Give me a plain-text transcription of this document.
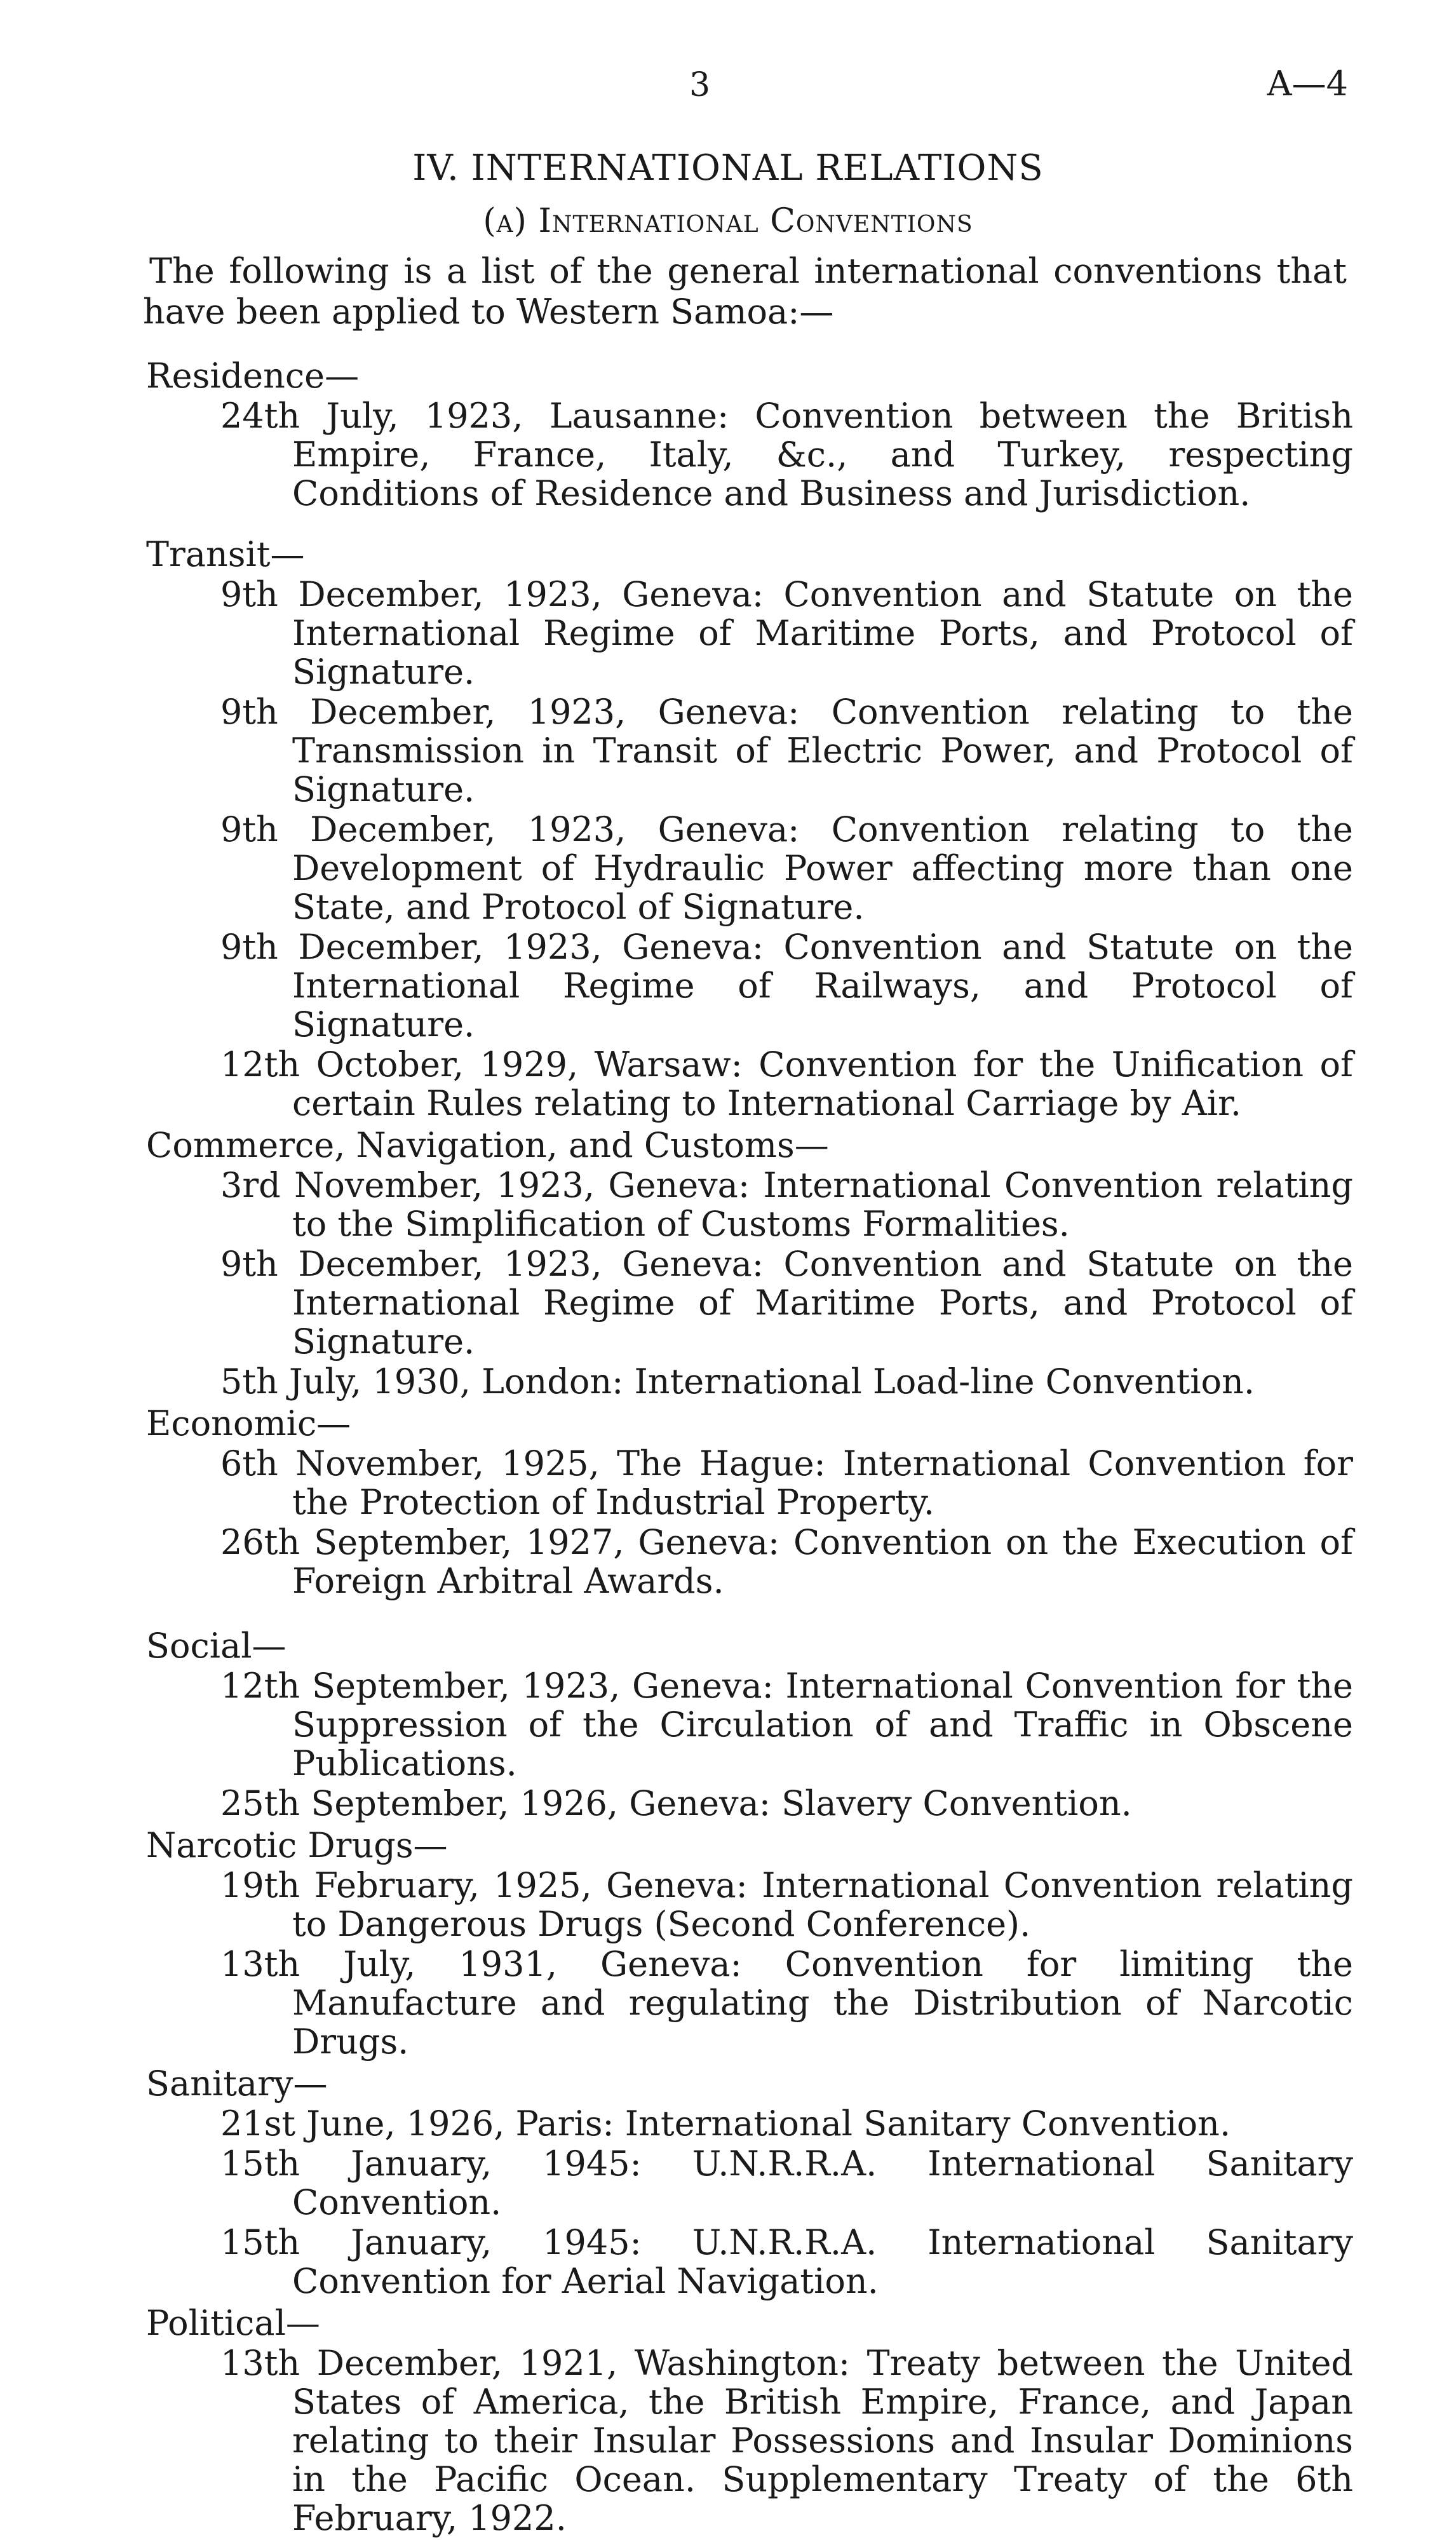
3	A—4
IV. INTERNATIONAL RELATIONS
(a) International Conventions

The following is a list of the general international conventions that have been applied to Western Samoa:—

Residence—

24th July, 1923, Lausanne: Convention between the British Empire, France, Italy, &c., and Turkey, respecting Conditions of Residence and Business and Jurisdiction.

Transit—

9th December, 1923, Geneva: Convention and Statute on the International Regime of Maritime Ports, and Protocol of Signature.

9th December, 1923, Geneva: Convention relating to the Transmission in Transit of Electric Power, and Protocol of Signature.

9th December, 1923, Geneva: Convention relating to the Development of Hydraulic Power affecting more than one State, and Protocol of Signature.

9th December, 1923, Geneva: Convention and Statute on the International Regime of Railways, and Protocol of Signature.

12th October, 1929, Warsaw: Convention for the Unification of certain Rules relating to International Carriage by Air.

Commerce, Navigation, and Customs—

3rd November, 1923, Geneva: International Convention relating to the Simplification of Customs Formalities.

9th December, 1923, Geneva: Convention and Statute on the International Regime of Maritime Ports, and Protocol of Signature.

5th July, 1930, London: International Load-line Convention.

Economic—

6th November, 1925, The Hague: International Convention for the Protection of Industrial Property.

26th September, 1927, Geneva: Convention on the Execution of Foreign Arbitral Awards.

Social—

12th September, 1923, Geneva: International Convention for the Suppression of the Circulation of and Traffic in Obscene Publications.

25th September, 1926, Geneva: Slavery Convention.

Narcotic Drugs—

19th February, 1925, Geneva: International Convention relating to Dangerous Drugs (Second Conference).

13th July, 1931, Geneva: Convention for limiting the Manufacture and regulating the Distribution of Narcotic Drugs.

Sanitary—

21st June, 1926, Paris: International Sanitary Convention.

15th January, 1945: U.N.R.R.A. International Sanitary Convention.

15th January, 1945: U.N.R.R.A. International Sanitary Convention for Aerial Navigation.

Political—

13th December, 1921, Washington: Treaty between the United States of America, the British Empire, France, and Japan relating to their Insular Possessions and Insular Dominions in the Pacific Ocean. Supplementary Treaty of the 6th February, 1922.
